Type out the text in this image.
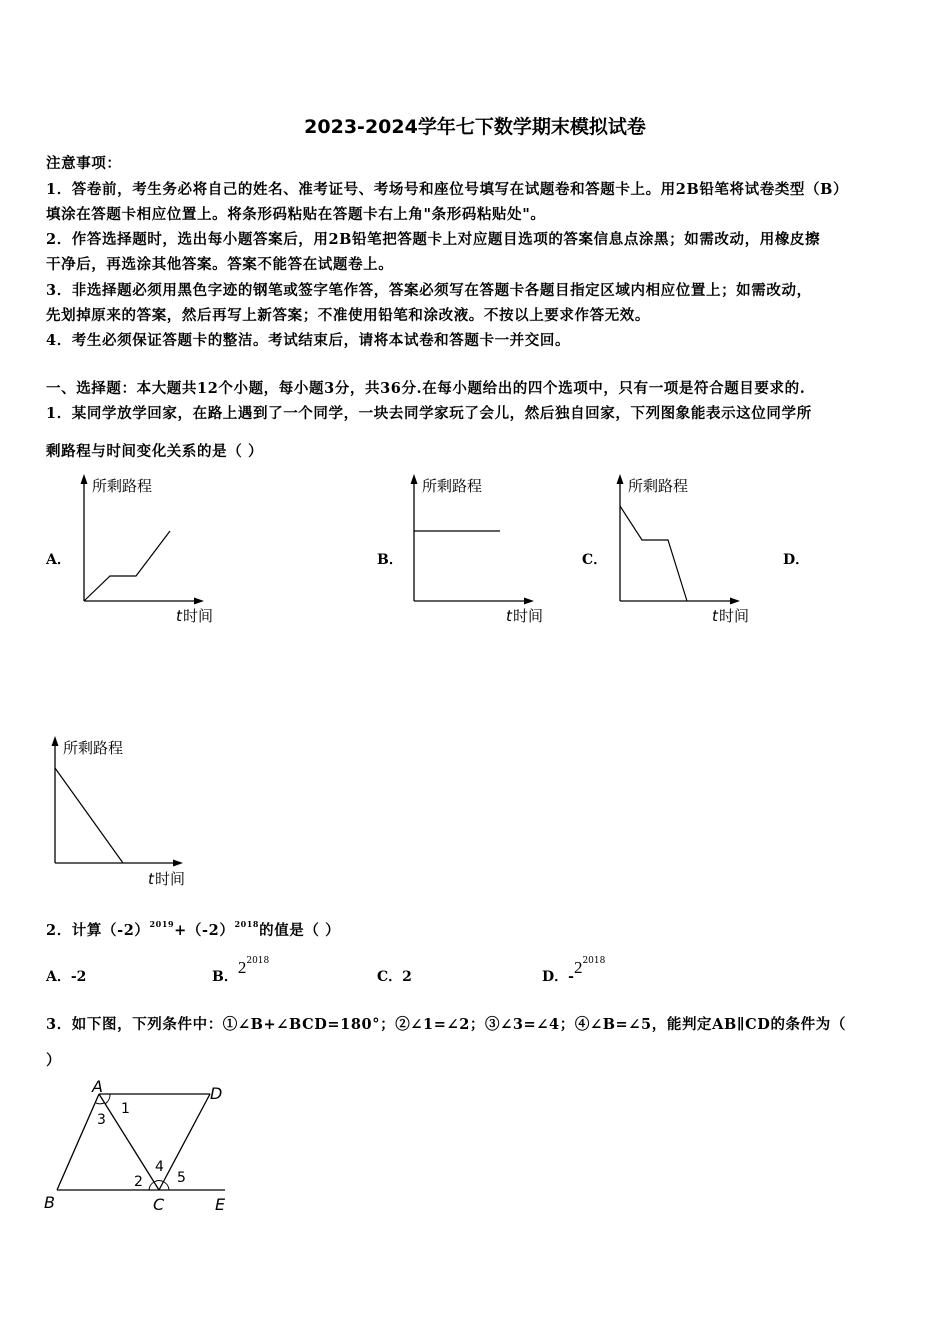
2023-2024学年七下数学期末模拟试卷
注意事项：
1．答卷前，考生务必将自己的姓名、准考证号、考场号和座位号填写在试题卷和答题卡上。用2B铅笔将试卷类型（B）
填涂在答题卡相应位置上。将条形码粘贴在答题卡右上角"条形码粘贴处"。
2．作答选择题时，选出每小题答案后，用2B铅笔把答题卡上对应题目选项的答案信息点涂黑；如需改动，用橡皮擦
干净后，再选涂其他答案。答案不能答在试题卷上。
3．非选择题必须用黑色字迹的钢笔或签字笔作答，答案必须写在答题卡各题目指定区域内相应位置上；如需改动，
先划掉原来的答案，然后再写上新答案；不准使用铅笔和涂改液。不按以上要求作答无效。
4．考生必须保证答题卡的整洁。考试结束后，请将本试卷和答题卡一并交回。
一、选择题：本大题共12个小题，每小题3分，共36分.在每小题给出的四个选项中，只有一项是符合题目要求的.
1．某同学放学回家，在路上遇到了一个同学，一块去同学家玩了会儿，然后独自回家，下列图象能表示这位同学所
剩路程与时间变化关系的是（ ）
A．	B．	C．	D．
所剩路程
t 时间
所剩路程
t 时间
所剩路程
t 时间
所剩路程
t 时间
2．计算$(-2)^{2019}+(-2)^{2018}$的值是（ ）
A．-2	B．$2^{2018}$
C．2	D．$-2^{2018}$
3．如下图，下列条件中：①∠B+∠BCD=180°；②∠1=∠2；③∠3=∠4；④∠B=∠5，能判定AB∥CD的条件为（
）
A	D
B	C	E
1
3
2
4
5
